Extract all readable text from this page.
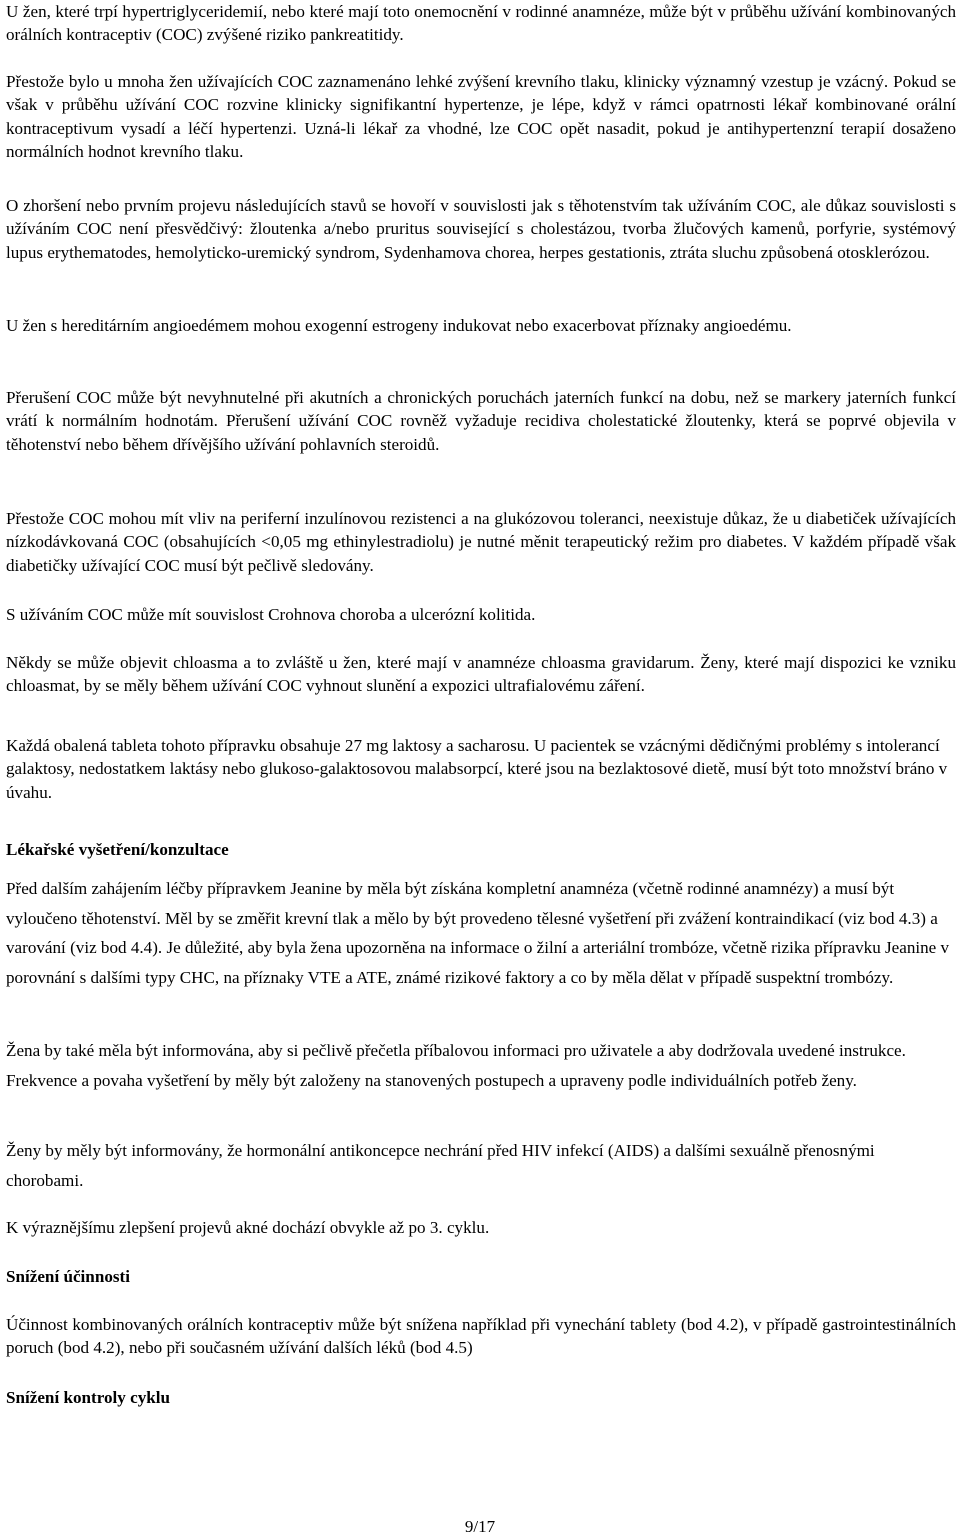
U žen, které trpí hypertriglyceridemií, nebo které mají toto onemocnění v rodinné anamnéze, může být v průběhu užívání kombinovaných orálních kontraceptiv (COC) zvýšené riziko pankreatitidy.

Přestože bylo u mnoha žen užívajících COC zaznamenáno lehké zvýšení krevního tlaku, klinicky významný vzestup je vzácný. Pokud se však v průběhu užívání COC rozvine klinicky signifikantní hypertenze, je lépe, když v rámci opatrnosti lékař kombinované orální kontraceptivum vysadí a léčí hypertenzi. Uzná-li lékař za vhodné, lze COC opět nasadit, pokud je antihypertenzní terapií dosaženo normálních hodnot krevního tlaku.

O zhoršení nebo prvním projevu následujících stavů se hovoří v souvislosti jak s těhotenstvím tak užíváním COC, ale důkaz souvislosti s užíváním COC není přesvědčivý: žloutenka a/nebo pruritus související s cholestázou, tvorba žlučových kamenů, porfyrie, systémový lupus erythematodes, hemolyticko-uremický syndrom, Sydenhamova chorea, herpes gestationis, ztráta sluchu způsobená otosklerózou.

U žen s hereditárním angioedémem mohou exogenní estrogeny indukovat nebo exacerbovat příznaky angioedému.

Přerušení COC může být nevyhnutelné při akutních a chronických poruchách jaterních funkcí na dobu, než se markery jaterních funkcí vrátí k normálním hodnotám. Přerušení užívání COC rovněž vyžaduje recidiva cholestatické žloutenky, která se poprvé objevila v těhotenství nebo během dřívějšího užívání pohlavních steroidů.

Přestože COC mohou mít vliv na periferní inzulínovou rezistenci a na glukózovou toleranci, neexistuje důkaz, že u diabetiček užívajících nízkodávkovaná COC (obsahujících <0,05 mg ethinylestradiolu) je nutné měnit terapeutický režim pro diabetes. V každém případě však diabetičky užívající COC musí být pečlivě sledovány.

S užíváním COC může mít souvislost Crohnova choroba a ulcerózní kolitida.

Někdy se může objevit chloasma a to zvláště u žen, které mají v anamnéze chloasma gravidarum. Ženy, které mají dispozici ke vzniku chloasmat, by se měly během užívání COC vyhnout slunění a expozici ultrafialovému záření.

Každá obalená tableta tohoto přípravku obsahuje 27 mg laktosy a sacharosu. U pacientek se vzácnými dědičnými problémy s intolerancí galaktosy, nedostatkem laktásy nebo glukoso-galaktosovou malabsorpcí, které jsou na bezlaktosové dietě, musí být toto množství bráno v úvahu.

Lékařské vyšetření/konzultace

Před dalším zahájením léčby přípravkem Jeanine by měla být získána kompletní anamnéza (včetně rodinné anamnézy) a musí být vyloučeno těhotenství. Měl by se změřit krevní tlak a mělo by být provedeno tělesné vyšetření při zvážení kontraindikací (viz bod 4.3) a varování (viz bod 4.4). Je důležité, aby byla žena upozorněna na informace o žilní a arteriální trombóze, včetně rizika přípravku Jeanine v porovnání s dalšími typy CHC, na příznaky VTE a ATE, známé rizikové faktory a co by měla dělat v případě suspektní trombózy.

Žena by také měla být informována, aby si pečlivě přečetla příbalovou informaci pro uživatele a aby dodržovala uvedené instrukce. Frekvence a povaha vyšetření by měly být založeny na stanovených postupech a upraveny podle individuálních potřeb ženy.

Ženy by měly být informovány, že hormonální antikoncepce nechrání před HIV infekcí (AIDS) a dalšími sexuálně přenosnými chorobami.

K výraznějšímu zlepšení projevů akné dochází obvykle až po 3. cyklu.

Snížení účinnosti

Účinnost kombinovaných orálních kontraceptiv může být snížena například při vynechání tablety (bod 4.2), v případě gastrointestinálních poruch (bod 4.2), nebo při současném užívání dalších léků (bod 4.5)

Snížení kontroly cyklu
9/17
